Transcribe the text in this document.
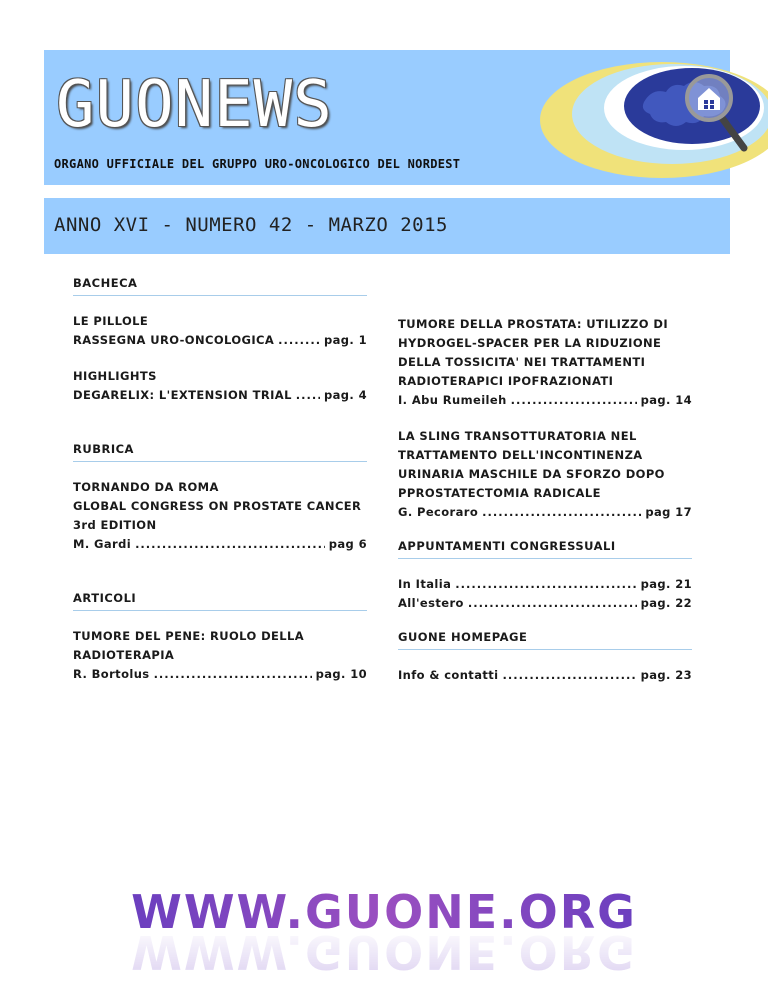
GUONEWS
ORGANO UFFICIALE DEL GRUPPO URO-ONCOLOGICO DEL NORDEST
ANNO XVI - NUMERO 42 - MARZO 2015
BACHECA
LE PILLOLE
RASSEGNA URO-ONCOLOGICA .....	pag. 1
HIGHLIGHTS
DEGARELIX: L'EXTENSION TRIAL .....	pag. 4
RUBRICA
TORNANDO DA ROMA
GLOBAL CONGRESS ON PROSTATE CANCER
3rd EDITION
M. Gardi .....	pag 6
ARTICOLI
TUMORE DEL PENE: RUOLO DELLA
RADIOTERAPIA
R. Bortolus .....	pag. 10
TUMORE DELLA PROSTATA: UTILIZZO DI
HYDROGEL-SPACER PER LA RIDUZIONE
DELLA TOSSICITA' NEI TRATTAMENTI
RADIOTERAPICI IPOFRAZIONATI
I. Abu Rumeileh .....	pag. 14
LA SLING TRANSOTTURATORIA NEL
TRATTAMENTO DELL'INCONTINENZA
URINARIA MASCHILE DA SFORZO DOPO
PPROSTATECTOMIA RADICALE
G. Pecoraro .....	pag 17
APPUNTAMENTI CONGRESSUALI
In Italia .....	pag. 21
All'estero .....	pag. 22
GUONE HOMEPAGE
Info & contatti .....	pag. 23
WWW.GUONE.ORG
WWW.GUONE.ORG
